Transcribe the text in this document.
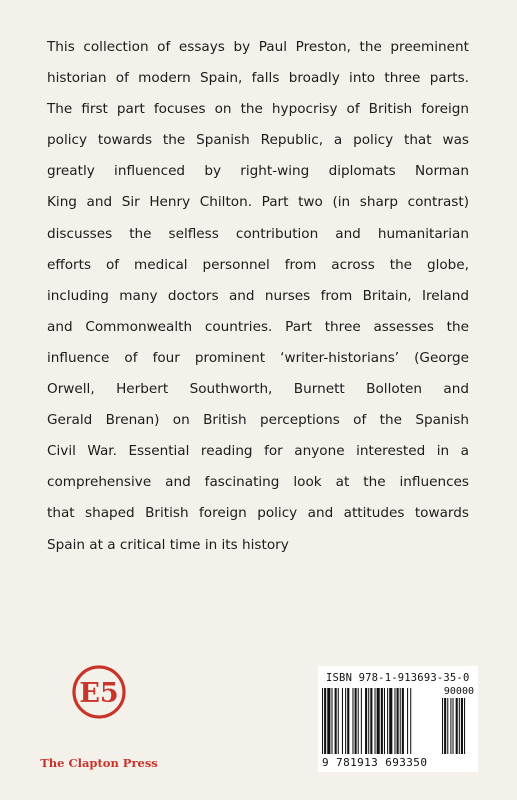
This collection of essays by Paul Preston, the preeminent
historian of modern Spain, falls broadly into three parts.
The first part focuses on the hypocrisy of British foreign
policy towards the Spanish Republic, a policy that was
greatly influenced by right-wing diplomats Norman
King and Sir Henry Chilton. Part two (in sharp contrast)
discusses the selfless contribution and humanitarian
efforts of medical personnel from across the globe,
including many doctors and nurses from Britain, Ireland
and Commonwealth countries. Part three assesses the
influence of four prominent ‘writer-historians’ (George
Orwell, Herbert Southworth, Burnett Bolloten and
Gerald Brenan) on British perceptions of the Spanish
Civil War. Essential reading for anyone interested in a
comprehensive and fascinating look at the influences
that shaped British foreign policy and attitudes towards
Spain at a critical time in its history
E5
The Clapton Press
ISBN 978-1-913693-35-0
90000
9 781913 693350
